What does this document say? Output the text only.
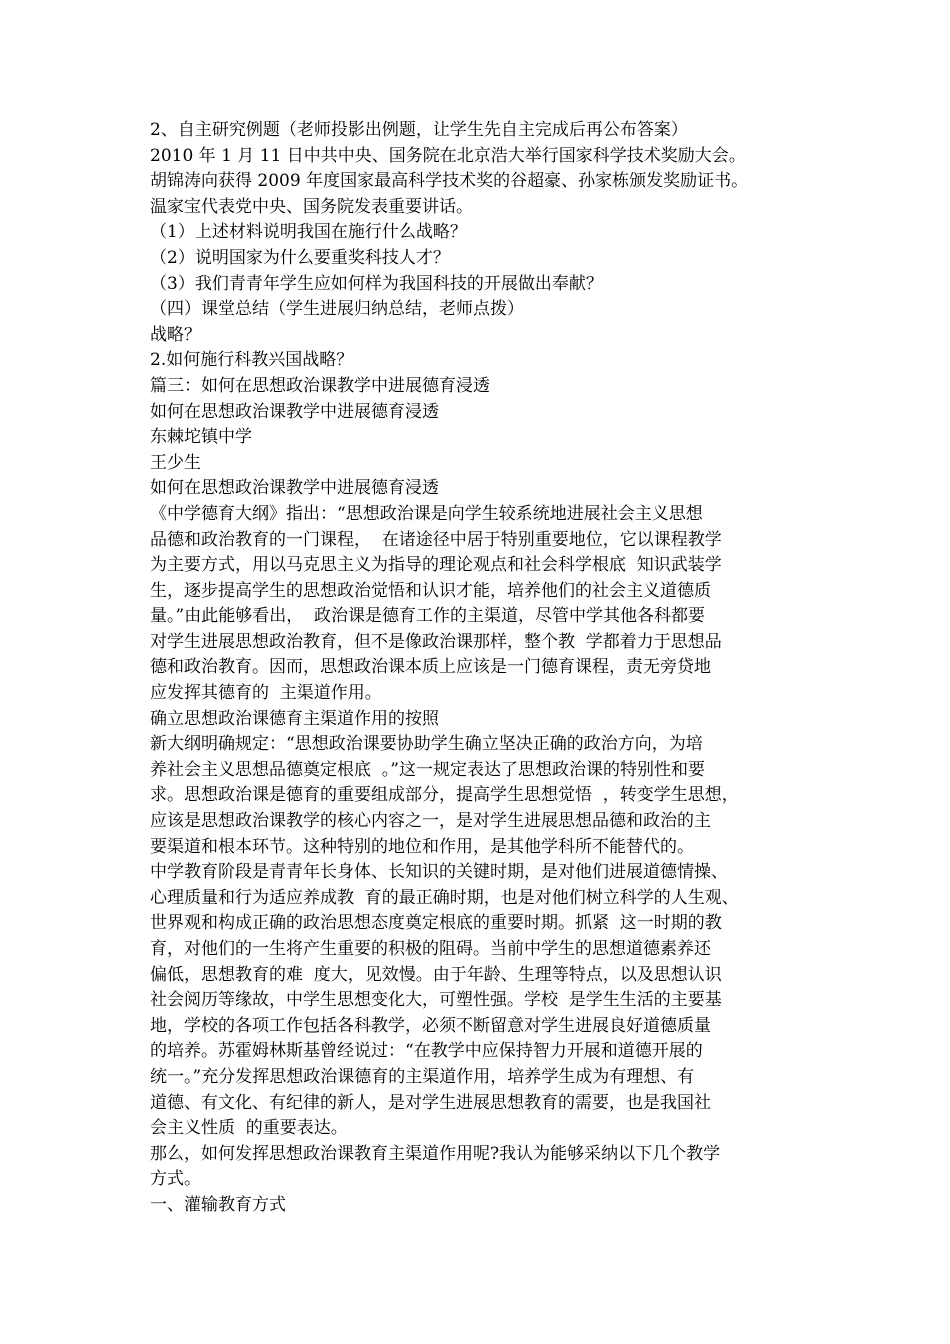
2、自主研究例题（老师投影出例题，让学生先自主完成后再公布答案）
2010 年 1 月 11 日中共中央、国务院在北京浩大举行国家科学技术奖励大会。
胡锦涛向获得 2009 年度国家最高科学技术奖的谷超豪、孙家栋颁发奖励证书。
温家宝代表党中央、国务院发表重要讲话。
（1）上述材料说明我国在施行什么战略？
（2）说明国家为什么要重奖科技人才？
（3）我们青青年学生应如何样为我国科技的开展做出奉献？
（四）课堂总结（学生进展归纳总结，老师点拨）
战略？
2.如何施行科教兴国战略？
篇三：如何在思想政治课教学中进展德育浸透
如何在思想政治课教学中进展德育浸透
东棘坨镇中学
王少生
如何在思想政治课教学中进展德育浸透
《中学德育大纲》指出：“思想政治课是向学生较系统地进展社会主义思想
品德和政治教育的一门课程，  在诸途径中居于特别重要地位，它以课程教学
为主要方式，用以马克思主义为指导的理论观点和社会科学根底  知识武装学
生，逐步提高学生的思想政治觉悟和认识才能，培养他们的社会主义道德质
量。”由此能够看出，  政治课是德育工作的主渠道，尽管中学其他各科都要
对学生进展思想政治教育，但不是像政治课那样，整个教  学都着力于思想品
德和政治教育。因而，思想政治课本质上应该是一门德育课程，责无旁贷地
应发挥其德育的  主渠道作用。
确立思想政治课德育主渠道作用的按照
新大纲明确规定：“思想政治课要协助学生确立坚决正确的政治方向，为培
养社会主义思想品德奠定根底  。”这一规定表达了思想政治课的特别性和要
求。思想政治课是德育的重要组成部分，提高学生思想觉悟  ，转变学生思想，
应该是思想政治课教学的核心内容之一，是对学生进展思想品德和政治的主
要渠道和根本环节。这种特别的地位和作用，是其他学科所不能替代的。
中学教育阶段是青青年长身体、长知识的关键时期，是对他们进展道德情操、
心理质量和行为适应养成教  育的最正确时期，也是对他们树立科学的人生观、
世界观和构成正确的政治思想态度奠定根底的重要时期。抓紧  这一时期的教
育，对他们的一生将产生重要的积极的阻碍。当前中学生的思想道德素养还
偏低，思想教育的难  度大，见效慢。由于年龄、生理等特点，以及思想认识
社会阅历等缘故，中学生思想变化大，可塑性强。学校  是学生生活的主要基
地，学校的各项工作包括各科教学，必须不断留意对学生进展良好道德质量
的培养。苏霍姆林斯基曾经说过：“在教学中应保持智力开展和道德开展的
统一。”充分发挥思想政治课德育的主渠道作用，培养学生成为有理想、有
道德、有文化、有纪律的新人，是对学生进展思想教育的需要，也是我国社
会主义性质  的重要表达。
那么，如何发挥思想政治课教育主渠道作用呢?我认为能够采纳以下几个教学
方式。
一、灌输教育方式
